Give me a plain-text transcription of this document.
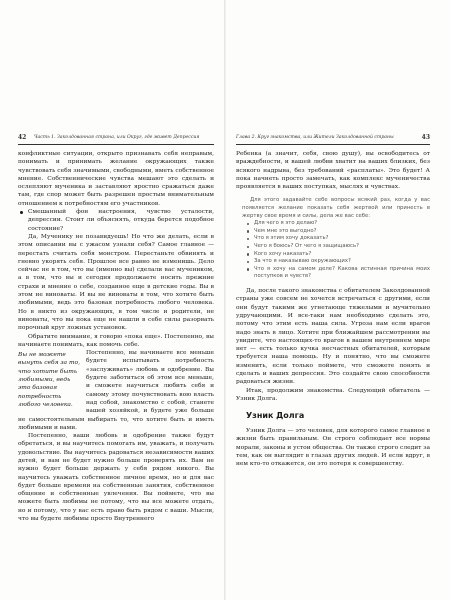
42 Часть 1. Заколдованная страна, или Округ, где живет Депрессия

конфликтные ситуации, открыто признавать себя неправым, понимать и принимать желание окружающих также чувствовать себя значимыми, свободными, иметь собственное мнение. Собственнические чувства мешают это сделать и ослепляют мученика и заставляют яростно сражаться даже там, где спор может быть разрешен простым внимательным отношением к потребностям его участников.

Смешанный фон настроения, чувство усталости, депрессии. Стоит ли объяснять, откуда берется подобное состояние?

Да, Мученику не позавидуешь! Но что же делать, если в этом описании вы с ужасом узнали себя? Самое главное — перестать считать себя монстром. Перестаньте обвинять и гневно укорять себя. Прошлое все равно не изменишь. Дело сейчас не в том, что вы (именно вы) сделали вас мучеником, а в том, что вы и сегодня продолжаете носить прежние страхи и мнение о себе, созданное еще в детские годы. Вы в этом не виноваты. И вы не виноваты в том, что хотите быть любимыми, ведь это базовая потребность любого человека. Но в никто из окружающих, в том числе и родители, не виноваты, что вы пока еще не нашли в себе силы разорвать порочный круг ложных установок.

Обратите внимание, я говорю «пока еще». Постепенно, вы начинаете понимать, как помочь себе.

Вы не можете вынуть себя за то, что хотите быть любимыми, ведь это базовая потребность любого человека.

Постепенно, вы начинаете все меньше будете испытывать потребность «заслуживать» любовь и одобрение. Вы будете заботиться об этом все меньше, и сможете научиться любить себя и самому этому почувствовать вою власть над собой, знакомство с собой, станете вашей хозяйкой, и будете уже больше не самостоятельным выбирать то, что хотите быть и иметь любимыми и вами.

Постепенно, ваши любовь и одобрение также будут обретаться, и вы научитесь помогать им, уважать, и получать удовольствие. Вы научитесь радоваться независимости ваших детей, и вам не будет нужно больше проверять их. Вам не нужно будет больше держать у себя рядом никого. Вы научитесь уважать собственное личное время, но и для вас будет больше времени на собственные занятия, собственное общение и собственные увлечения. Вы поймете, что вы можете быть любимы не потому, что вы все можете отдать, но и потому, что у вас есть право быть рядом с ваши. Мысли, что вы будете любимы просто Внутреннего

Глава 2. Круг знакомства, или Жители Заколдованной страны	43

Ребенка (а значит, себя, свою душу), вы освободитесь от враждебности, и вашей любви хватит на ваших близких, без всякого надрыва, без требований «расплаты». Это будет! А пока начнеть просто замечать, как комплекс мученичества проявляется в ваших поступках, мыслях и чувствах.

Для этого задавайте себе вопросы всякий раз, когда у вас появляется желание показать себя жертвой или принесть в жертву свое время и силы, дела же вас себе:

Для чего я это делаю?
Чем мне это выгодно?
Что я этим хочу доказать?
Чего я боюсь? От чего я защищаюсь?
Кого хочу наказать?
За что я наказываю окружающих?
Что я хочу на самом деле? Какова истинная причина моих поступков и чувств?

Да, после такого знакомства с обитателем Заколдованной страны уже совсем не хочется встречаться с другими, если они будут такими же угнетающе тяжелыми и мучительно удручающими. И все-таки нам необходимо сделать это, потому что этим есть наша сила. Угроза нам если врагов надо знать в лицо. Хотите при ближайшем рассмотрении вы увидите, что настоящих-то врагов в вашем внутреннем мире нет — есть только кучка несчастных обитателей, которым требуется наша помощь. Ну и понятно, что вы сможете изменить, если только поймете, что сможете понять и сделать и ваших депрессия. Это создайте свою способности радоваться жизни.

Итак, продолжим знакомства. Следующий обитатель — Узник Долга.

Узник Долга

Узник Долга — это человек, для которого самое главное в жизни быть правильным. Он строго соблюдает все нормы морали, законы и устои общества. Он также строго следит за тем, как он выглядит в глазах других людей. И если вдруг, в нем кто-то откажется, он это потеря к совершенству.
